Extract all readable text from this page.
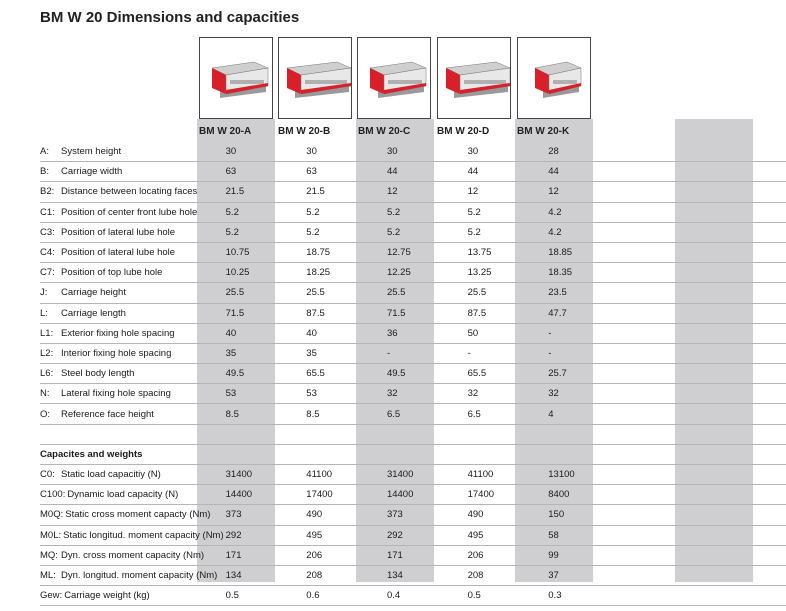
BM W 20 Dimensions and capacities
BM W 20-A	BM W 20-B	BM W 20-C	BM W 20-D	BM W 20-K
A: System height	30	30	30	30	28	
B: Carriage width	63	63	44	44	44	
B2: Distance between locating faces	21.5	21.5	12	12	12	
C1: Position of center front lube hole	5.2	5.2	5.2	5.2	4.2	
C3: Position of lateral lube hole	5.2	5.2	5.2	5.2	4.2	
C4: Position of lateral lube hole	10.75	18.75	12.75	13.75	18.85	
C7: Position of top lube hole	10.25	18.25	12.25	13.25	18.35	
J: Carriage height	25.5	25.5	25.5	25.5	23.5	
L: Carriage length	71.5	87.5	71.5	87.5	47.7	
L1: Exterior fixing hole spacing	40	40	36	50	-	
L2: Interior fixing hole spacing	35	35	-	-	-	
L6: Steel body length	49.5	65.5	49.5	65.5	25.7	
N: Lateral fixing hole spacing	53	53	32	32	32	
O: Reference face height	8.5	8.5	6.5	6.5	4	

Capacites and weights						
C0: Static load capacitiy (N)	31400	41100	31400	41100	13100	
C100: Dynamic load capacity (N)	14400	17400	14400	17400	8400	
M0Q: Static cross moment capacty (Nm)	373	490	373	490	150	
M0L: Static longitud. moment capacity (Nm)	292	495	292	495	58	
MQ: Dyn. cross moment capacity (Nm)	171	206	171	206	99	
ML: Dyn. longitud. moment capacity (Nm)	134	208	134	208	37	
Gew: Carriage weight (kg)	0.5	0.6	0.4	0.5	0.3	
